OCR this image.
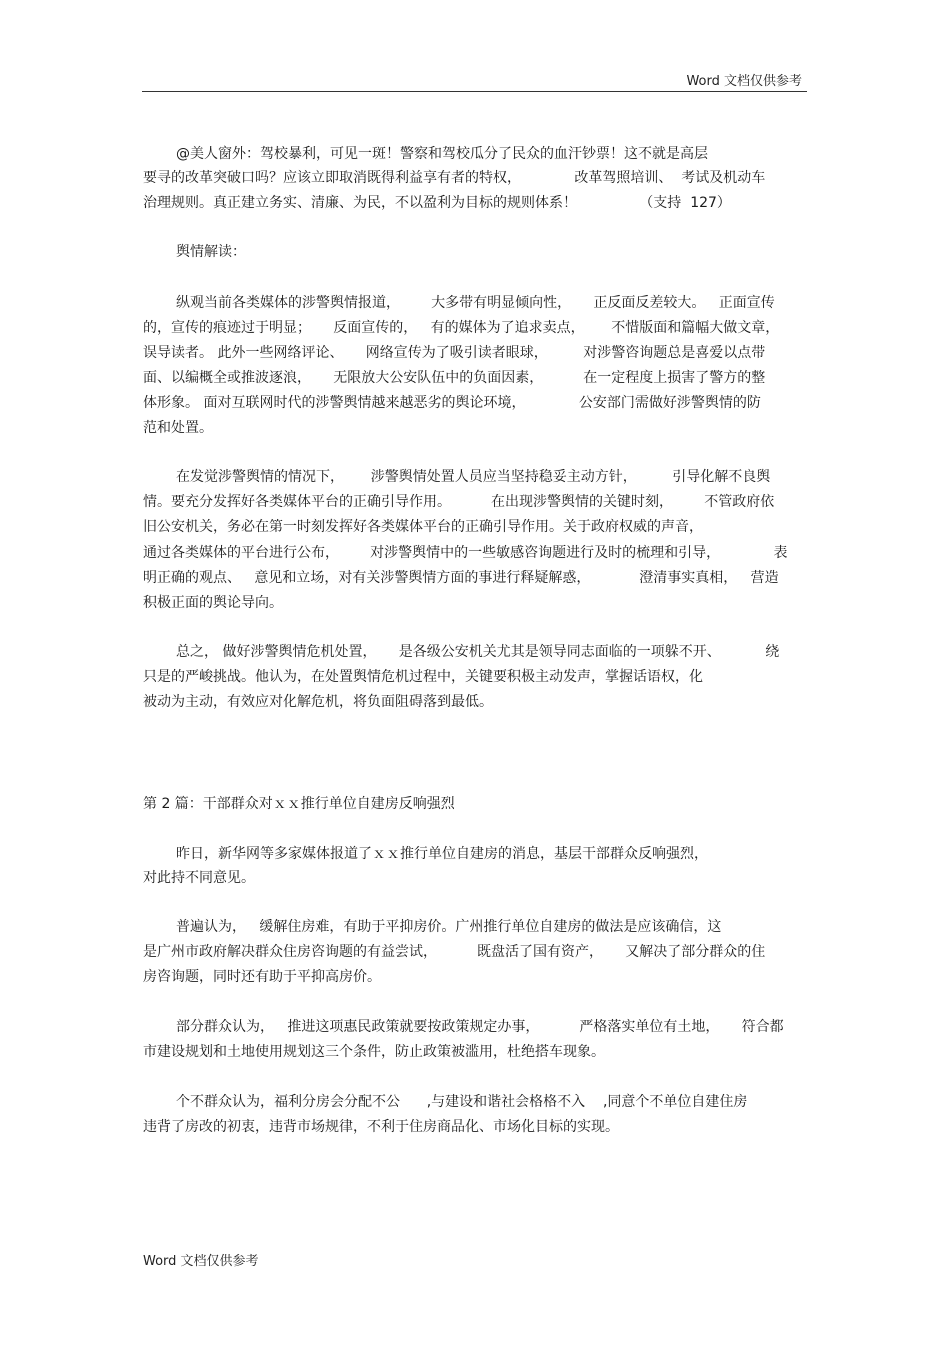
Word 文档仅供参考
@美人窗外：驾校暴利，可见一斑！警察和驾校瓜分了民众的血汗钞票！这不就是高层
要寻的改革突破口吗？应该立即取消既得利益享有者的特权，            改革驾照培训、  考试及机动车
治理规则。真正建立务实、清廉、为民，不以盈利为目标的规则体系！              （支持  127）
舆情解读：
纵观当前各类媒体的涉警舆情报道，       大多带有明显倾向性，     正反面反差较大。   正面宣传
的，宣传的痕迹过于明显；     反面宣传的，   有的媒体为了追求卖点，      不惜版面和篇幅大做文章，
误导读者。 此外一些网络评论、     网络宣传为了吸引读者眼球，        对涉警咨询题总是喜爱以点带
面、以编概全或推波逐浪，     无限放大公安队伍中的负面因素，         在一定程度上损害了警方的整
体形象。 面对互联网时代的涉警舆情越来越恶劣的舆论环境，            公安部门需做好涉警舆情的防
范和处置。
在发觉涉警舆情的情况下，      涉警舆情处置人员应当坚持稳妥主动方针，        引导化解不良舆
情。要充分发挥好各类媒体平台的正确引导作用。         在出现涉警舆情的关键时刻，       不管政府依
旧公安机关，务必在第一时刻发挥好各类媒体平台的正确引导作用。关于政府权威的声音，
通过各类媒体的平台进行公布，       对涉警舆情中的一些敏感咨询题进行及时的梳理和引导，            表
明正确的观点、   意见和立场，对有关涉警舆情方面的事进行释疑解惑，           澄清事实真相，   营造
积极正面的舆论导向。
总之， 做好涉警舆情危机处置，     是各级公安机关尤其是领导同志面临的一项躲不开、          绕
只是的严峻挑战。他认为，在处置舆情危机过程中，关键要积极主动发声，掌握话语权，化
被动为主动，有效应对化解危机，将负面阻碍落到最低。
第 2 篇：干部群众对ｘｘ推行单位自建房反响强烈
昨日，新华网等多家媒体报道了ｘｘ推行单位自建房的消息，基层干部群众反响强烈，
对此持不同意见。
普遍认为，   缓解住房难，有助于平抑房价。广州推行单位自建房的做法是应该确信，这
是广州市政府解决群众住房咨询题的有益尝试，         既盘活了国有资产，     又解决了部分群众的住
房咨询题，同时还有助于平抑高房价。
部分群众认为，   推进这项惠民政策就要按政策规定办事，         严格落实单位有土地，     符合都
市建设规划和土地使用规划这三个条件，防止政策被滥用，杜绝搭车现象。
个不群众认为，福利分房会分配不公      ,与建设和谐社会格格不入    ,同意个不单位自建住房
违背了房改的初衷，违背市场规律，不利于住房商品化、市场化目标的实现。
Word 文档仅供参考
